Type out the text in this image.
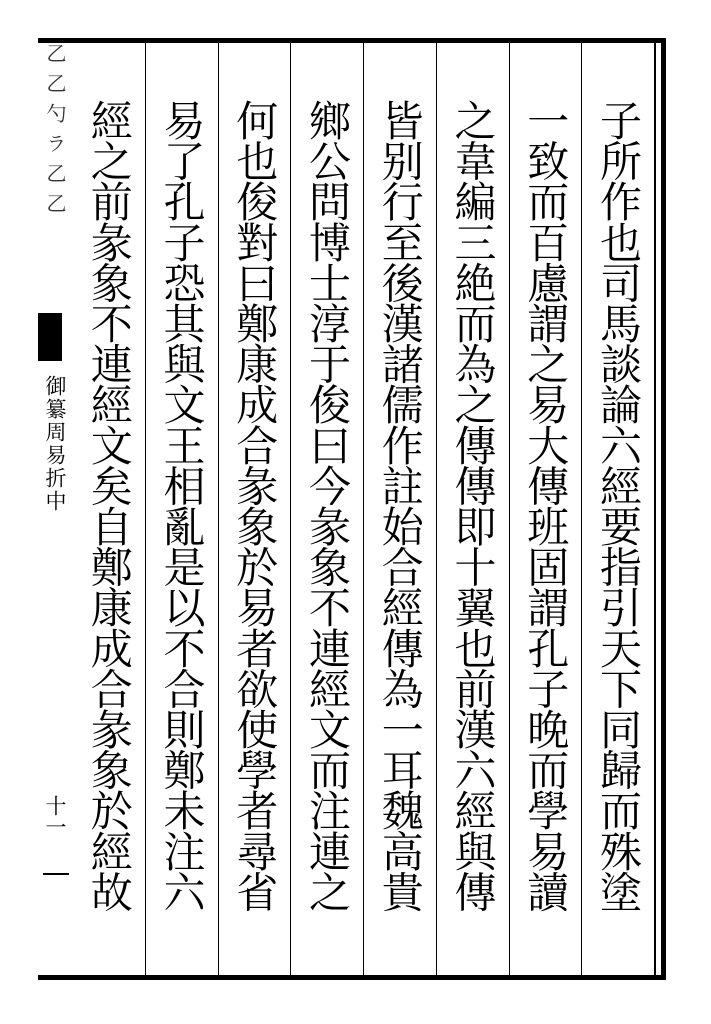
乙乙勺ラ乙乙
御纂周易折中
十一	子所作也司馬談論六經要指引天下同歸而殊塗
一致而百慮謂之易大傳班固謂孔子晚而學易讀
之韋編三絶而為之傳傳即十翼也前漢六經與傳
皆别行至後漢諸儒作註始合經傳為一耳魏高貴
鄉公問博士淳于俊曰今彖象不連經文而注連之
何也俊對曰鄭康成合彖象於易者欲使學者尋省
易了孔子恐其與文王相亂是以不合則鄭未注六
經之前彖象不連經文矣自鄭康成合彖象於經故
